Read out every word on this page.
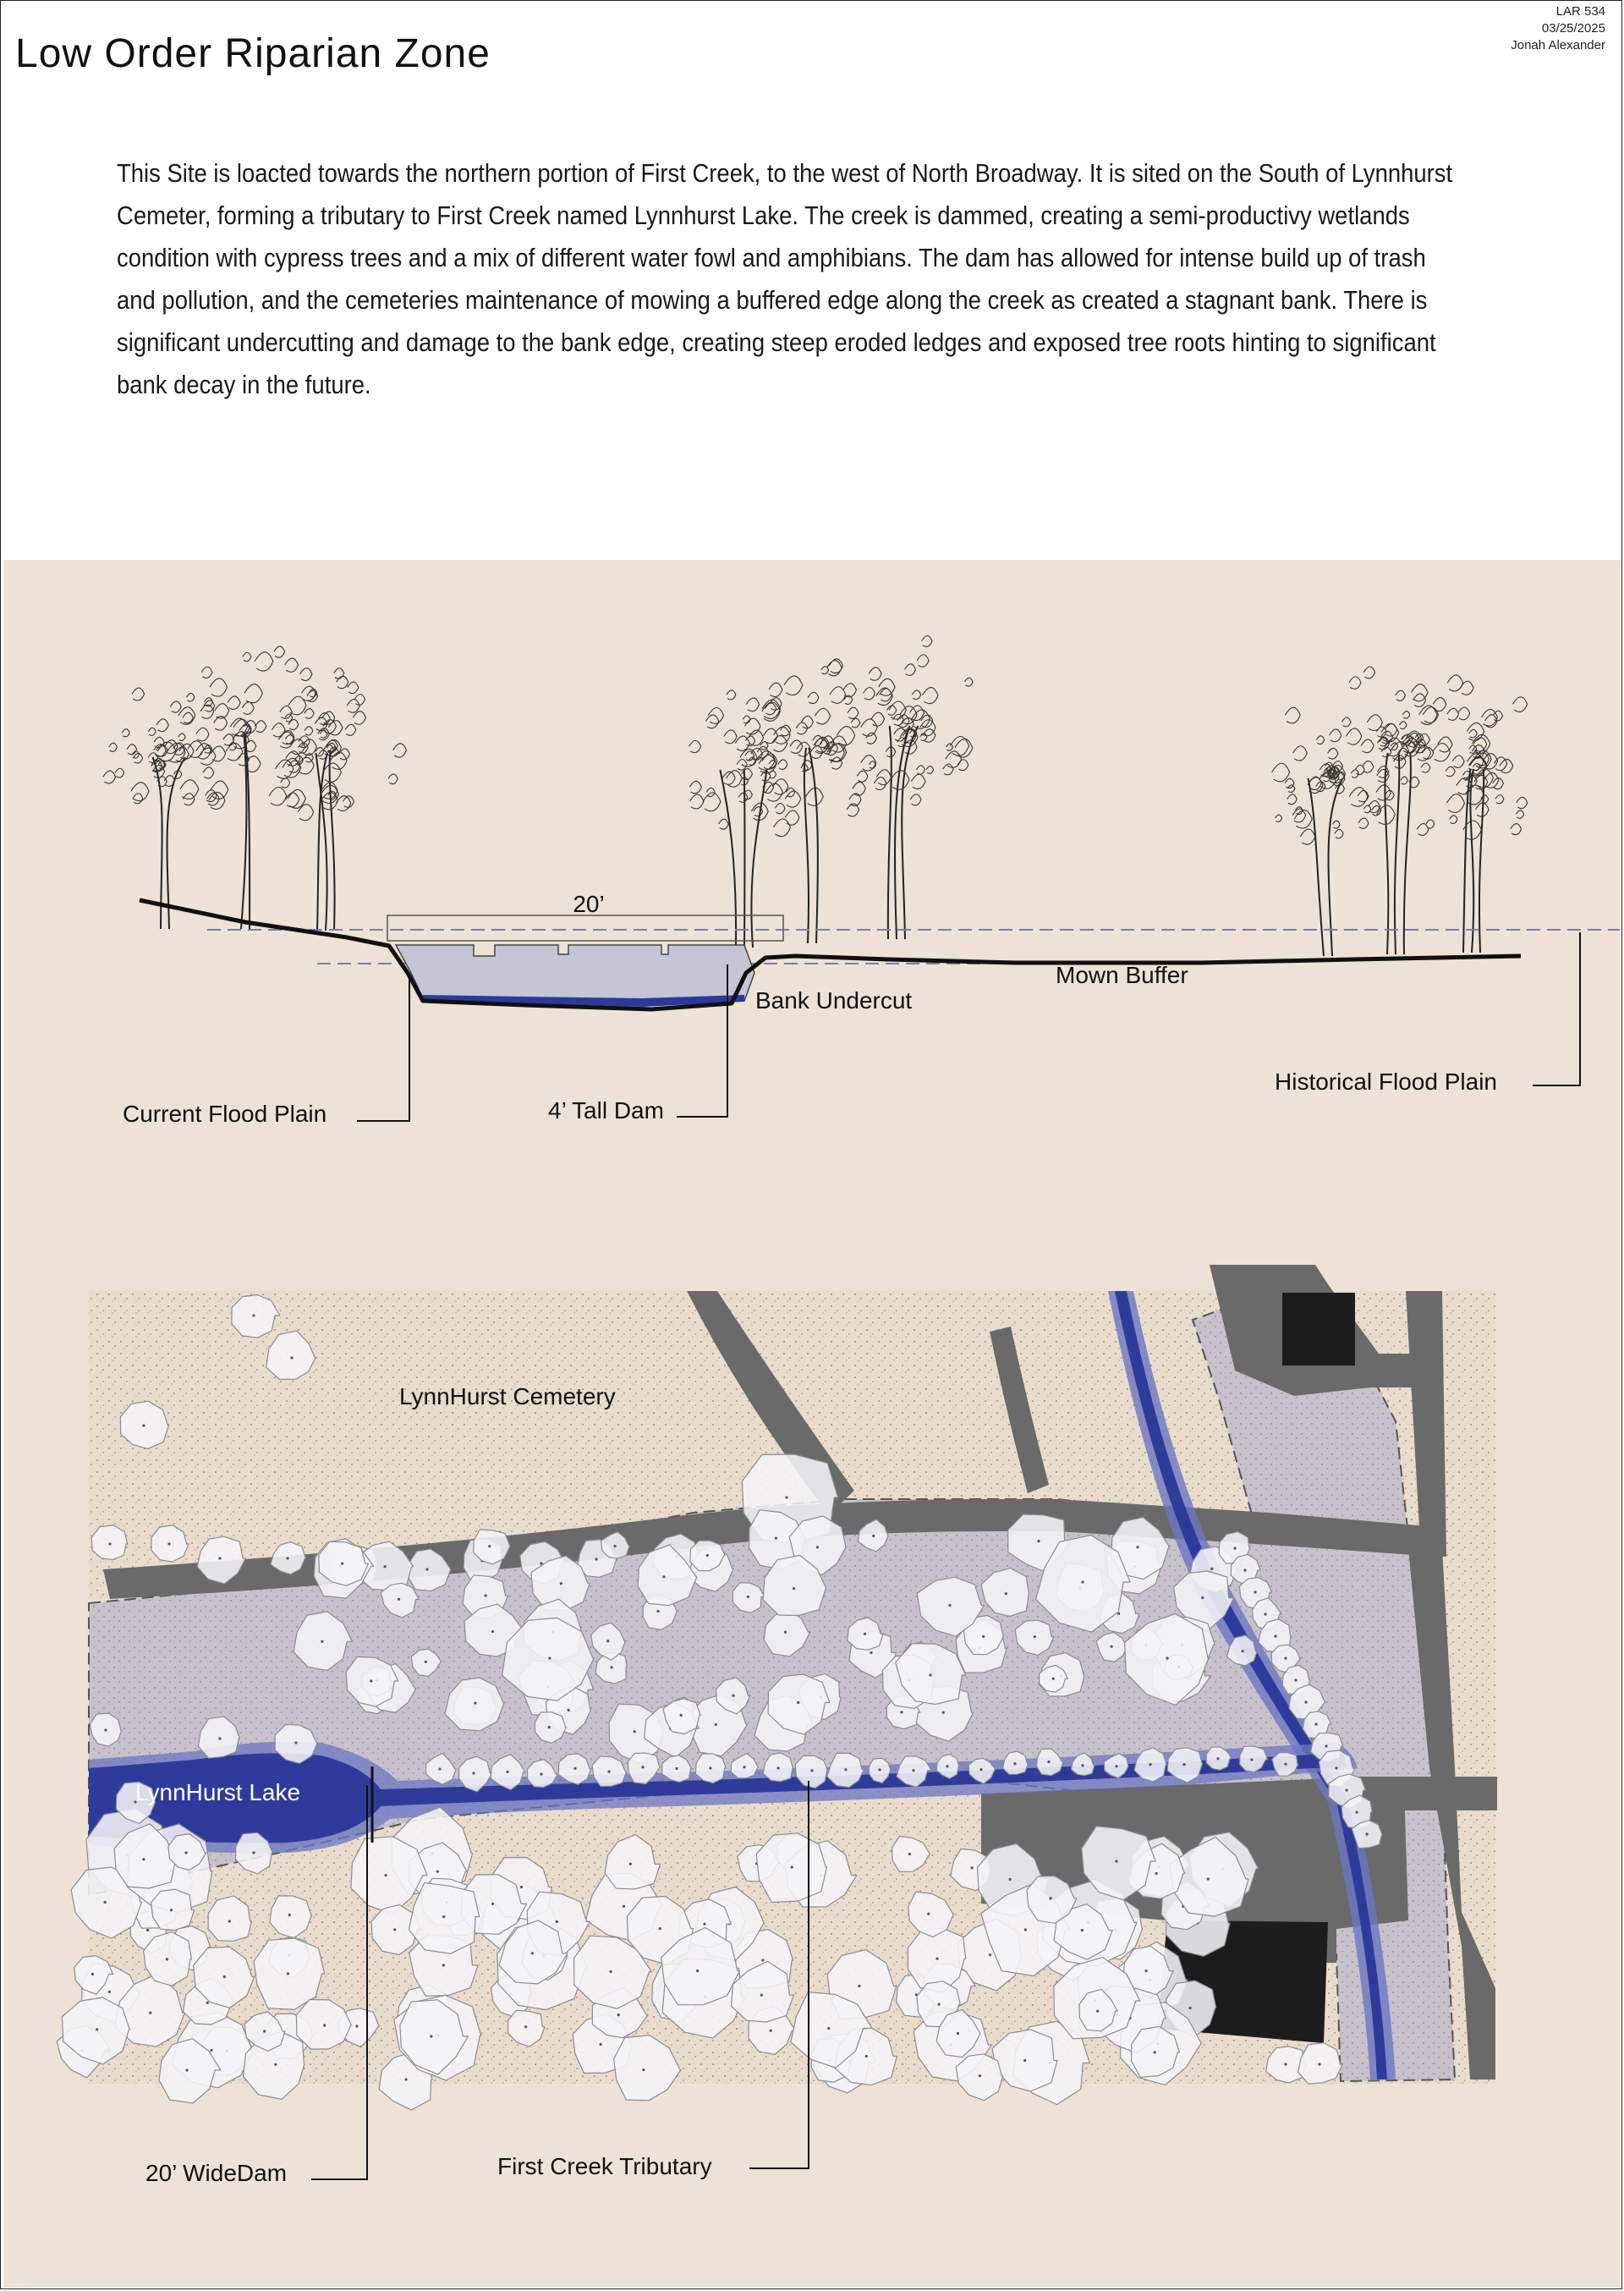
Low Order Riparian Zone
LAR 534
03/25/2025
Jonah Alexander
This Site is loacted towards the northern portion of First Creek, to the west of North Broadway. It is sited on the South of Lynnhurst Cemeter, forming a tributary to First Creek named Lynnhurst Lake. The creek is dammed, creating a semi-productivy wetlands condition with cypress trees and a mix of different water fowl and amphibians. The dam has allowed for intense build up of trash and pollution, and the cemeteries maintenance of mowing a buffered edge along the creek as created a stagnant bank. There is significant undercutting and damage to the bank edge, creating steep eroded ledges and exposed tree roots hinting to significant bank decay in the future.
20’
Bank Undercut
Mown Buffer
Current Flood Plain	4’ Tall Dam
Historical Flood Plain
LynnHurst Cemetery
LynnHurst Lake
20’ WideDam	First Creek Tributary
